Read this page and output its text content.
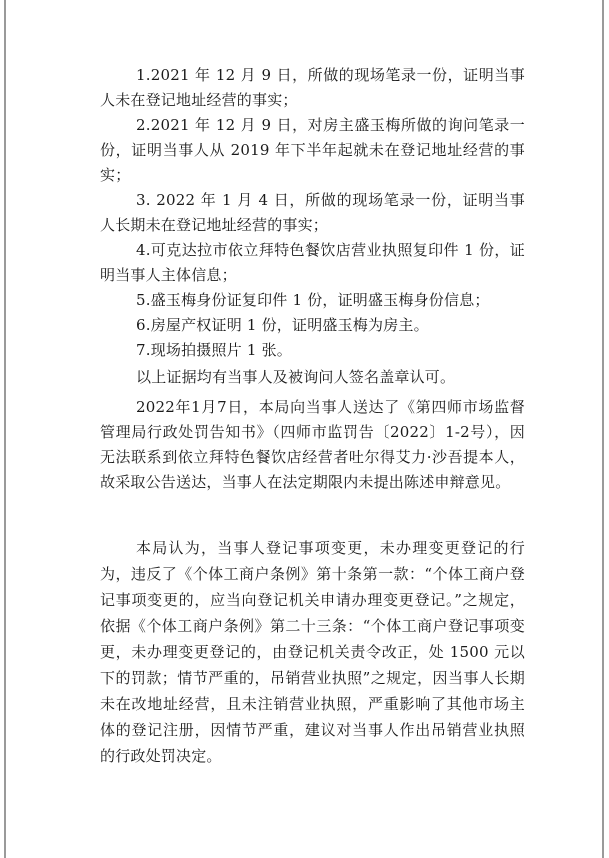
1.2021 年 12 月 9 日，所做的现场笔录一份，证明当事人未在登记地址经营的事实；

2.2021 年 12 月 9 日，对房主盛玉梅所做的询问笔录一份，证明当事人从 2019 年下半年起就未在登记地址经营的事实；

3. 2022 年 1 月 4 日，所做的现场笔录一份，证明当事人长期未在登记地址经营的事实；

4.可克达拉市依立拜特色餐饮店营业执照复印件 1 份，证明当事人主体信息；

5.盛玉梅身份证复印件 1 份，证明盛玉梅身份信息；

6.房屋产权证明 1 份，证明盛玉梅为房主。

7.现场拍摄照片 1 张。

以上证据均有当事人及被询问人签名盖章认可。

2022年1月7日，本局向当事人送达了《第四师市场监督管理局行政处罚告知书》（四师市监罚告〔2022〕1-2号），因无法联系到依立拜特色餐饮店经营者吐尔得艾力·沙吾提本人，故采取公告送达，当事人在法定期限内未提出陈述申辩意见。

本局认为，当事人登记事项变更，未办理变更登记的行为，违反了《个体工商户条例》第十条第一款：“个体工商户登记事项变更的，应当向登记机关申请办理变更登记。”之规定，依据《个体工商户条例》第二十三条：“个体工商户登记事项变更，未办理变更登记的，由登记机关责令改正，处 1500 元以下的罚款；情节严重的，吊销营业执照”之规定，因当事人长期未在改地址经营，且未注销营业执照，严重影响了其他市场主体的登记注册，因情节严重，建议对当事人作出吊销营业执照的行政处罚决定。
